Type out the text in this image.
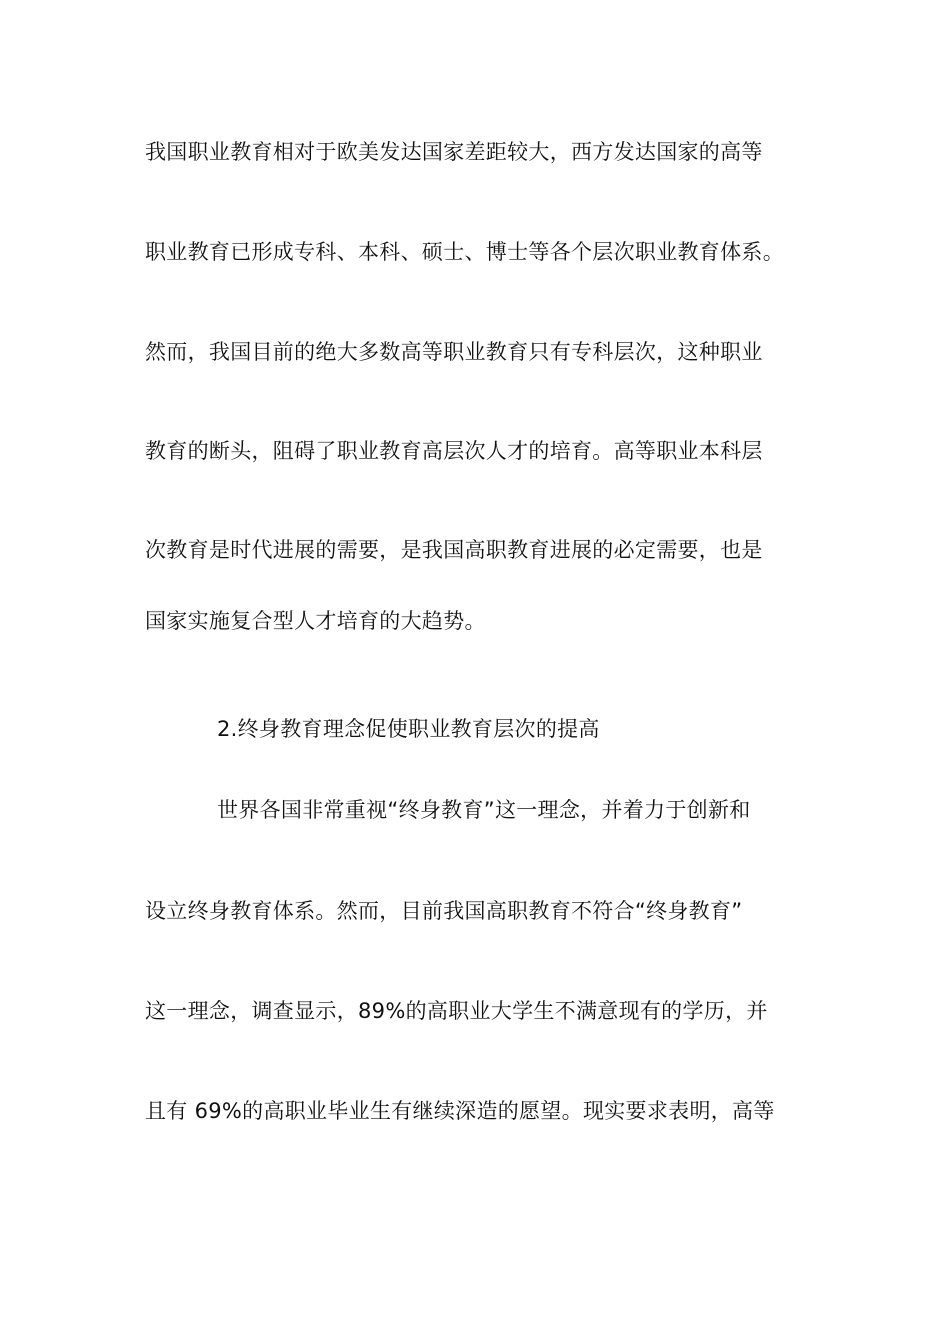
我国职业教育相对于欧美发达国家差距较大，西方发达国家的高等
职业教育已形成专科、本科、硕士、博士等各个层次职业教育体系。
然而，我国目前的绝大多数高等职业教育只有专科层次，这种职业
教育的断头，阻碍了职业教育高层次人才的培育。高等职业本科层
次教育是时代进展的需要，是我国高职教育进展的必定需要，也是
国家实施复合型人才培育的大趋势。
2.终身教育理念促使职业教育层次的提高
世界各国非常重视“终身教育”这一理念，并着力于创新和
设立终身教育体系。然而，目前我国高职教育不符合“终身教育”
这一理念，调查显示，89%的高职业大学生不满意现有的学历，并
且有 69%的高职业毕业生有继续深造的愿望。现实要求表明，高等
